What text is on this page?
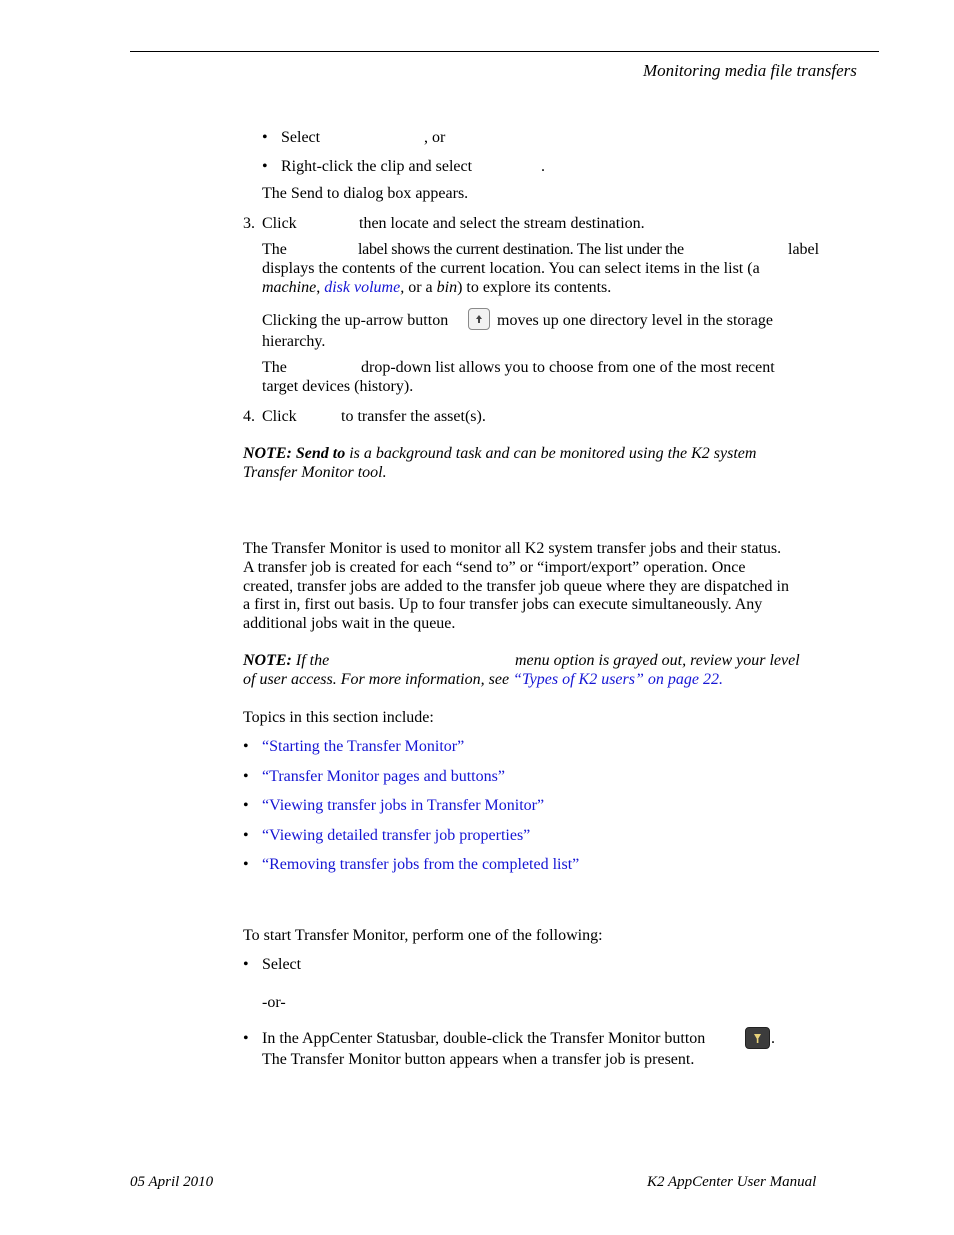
Monitoring media file transfers
• Select	, or
• Right-click the clip and select	.
The Send to dialog box appears.
3. Click	then locate and select the stream destination.
The	label shows the current destination. The list under the	label
displays the contents of the current location. You can select items in the list (a
machine, disk volume, or a bin) to explore its contents.
Clicking the up-arrow button	moves up one directory level in the storage
hierarchy.
The	drop-down list allows you to choose from one of the most recent
target devices (history).
4. Click	to transfer the asset(s).
NOTE: Send to is a background task and can be monitored using the K2 system
Transfer Monitor tool.
The Transfer Monitor is used to monitor all K2 system transfer jobs and their status.
A transfer job is created for each “send to” or “import/export” operation. Once
created, transfer jobs are added to the transfer job queue where they are dispatched in
a first in, first out basis. Up to four transfer jobs can execute simultaneously. Any
additional jobs wait in the queue.
NOTE: If the	menu option is grayed out, review your level
of user access. For more information, see “Types of K2 users” on page 22.
Topics in this section include:
• “Starting the Transfer Monitor”
• “Transfer Monitor pages and buttons”
• “Viewing transfer jobs in Transfer Monitor”
• “Viewing detailed transfer job properties”
• “Removing transfer jobs from the completed list”
To start Transfer Monitor, perform one of the following:
• Select
-or-
• In the AppCenter Statusbar, double-click the Transfer Monitor button	.
The Transfer Monitor button appears when a transfer job is present.
05 April 2010	K2 AppCenter User Manual
